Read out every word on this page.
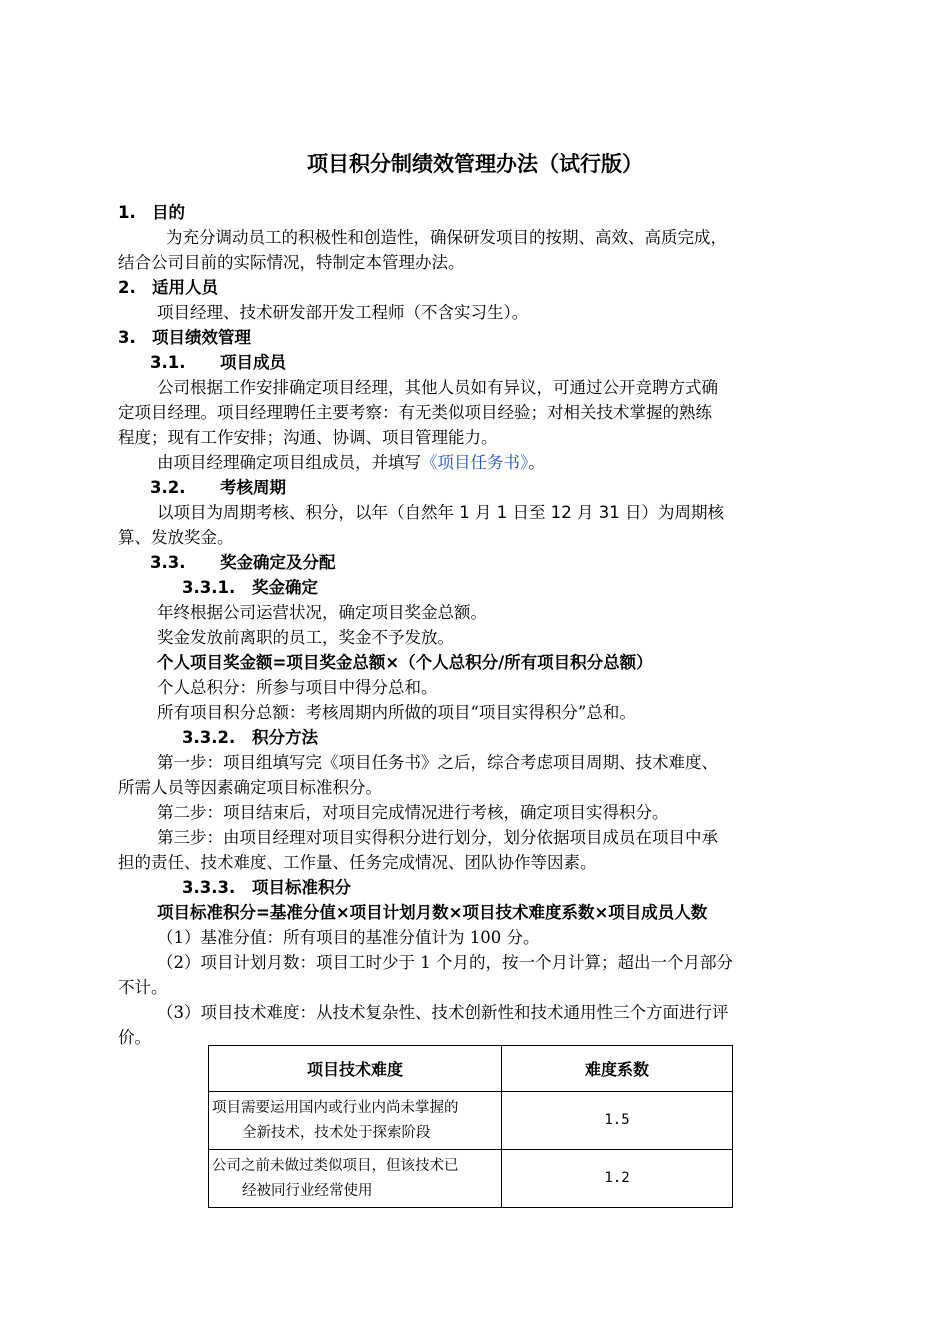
项目积分制绩效管理办法（试行版）
1. 目的
为充分调动员工的积极性和创造性，确保研发项目的按期、高效、高质完成，
结合公司目前的实际情况，特制定本管理办法。
2. 适用人员
项目经理、技术研发部开发工程师（不含实习生）。
3. 项目绩效管理
3.1. 项目成员
公司根据工作安排确定项目经理，其他人员如有异议，可通过公开竞聘方式确
定项目经理。项目经理聘任主要考察：有无类似项目经验；对相关技术掌握的熟练
程度；现有工作安排；沟通、协调、项目管理能力。
由项目经理确定项目组成员，并填写《项目任务书》。
3.2. 考核周期
以项目为周期考核、积分，以年（自然年 1 月 1 日至 12 月 31 日）为周期核
算、发放奖金。
3.3. 奖金确定及分配
3.3.1. 奖金确定
年终根据公司运营状况，确定项目奖金总额。
奖金发放前离职的员工，奖金不予发放。
个人项目奖金额=项目奖金总额×（个人总积分/所有项目积分总额）
个人总积分：所参与项目中得分总和。
所有项目积分总额：考核周期内所做的项目“项目实得积分”总和。
3.3.2. 积分方法
第一步：项目组填写完《项目任务书》之后，综合考虑项目周期、技术难度、
所需人员等因素确定项目标准积分。
第二步：项目结束后，对项目完成情况进行考核，确定项目实得积分。
第三步：由项目经理对项目实得积分进行划分，划分依据项目成员在项目中承
担的责任、技术难度、工作量、任务完成情况、团队协作等因素。
3.3.3. 项目标准积分
项目标准积分=基准分值×项目计划月数×项目技术难度系数×项目成员人数
（1）基准分值：所有项目的基准分值计为 100 分。
（2）项目计划月数：项目工时少于 1 个月的，按一个月计算；超出一个月部分
不计。
（3）项目技术难度：从技术复杂性、技术创新性和技术通用性三个方面进行评
价。
项目技术难度	难度系数

项目需要运用国内或行业内尚未掌握的
全新技术，技术处于探索阶段	1.5

公司之前未做过类似项目，但该技术已
经被同行业经常使用	1.2
